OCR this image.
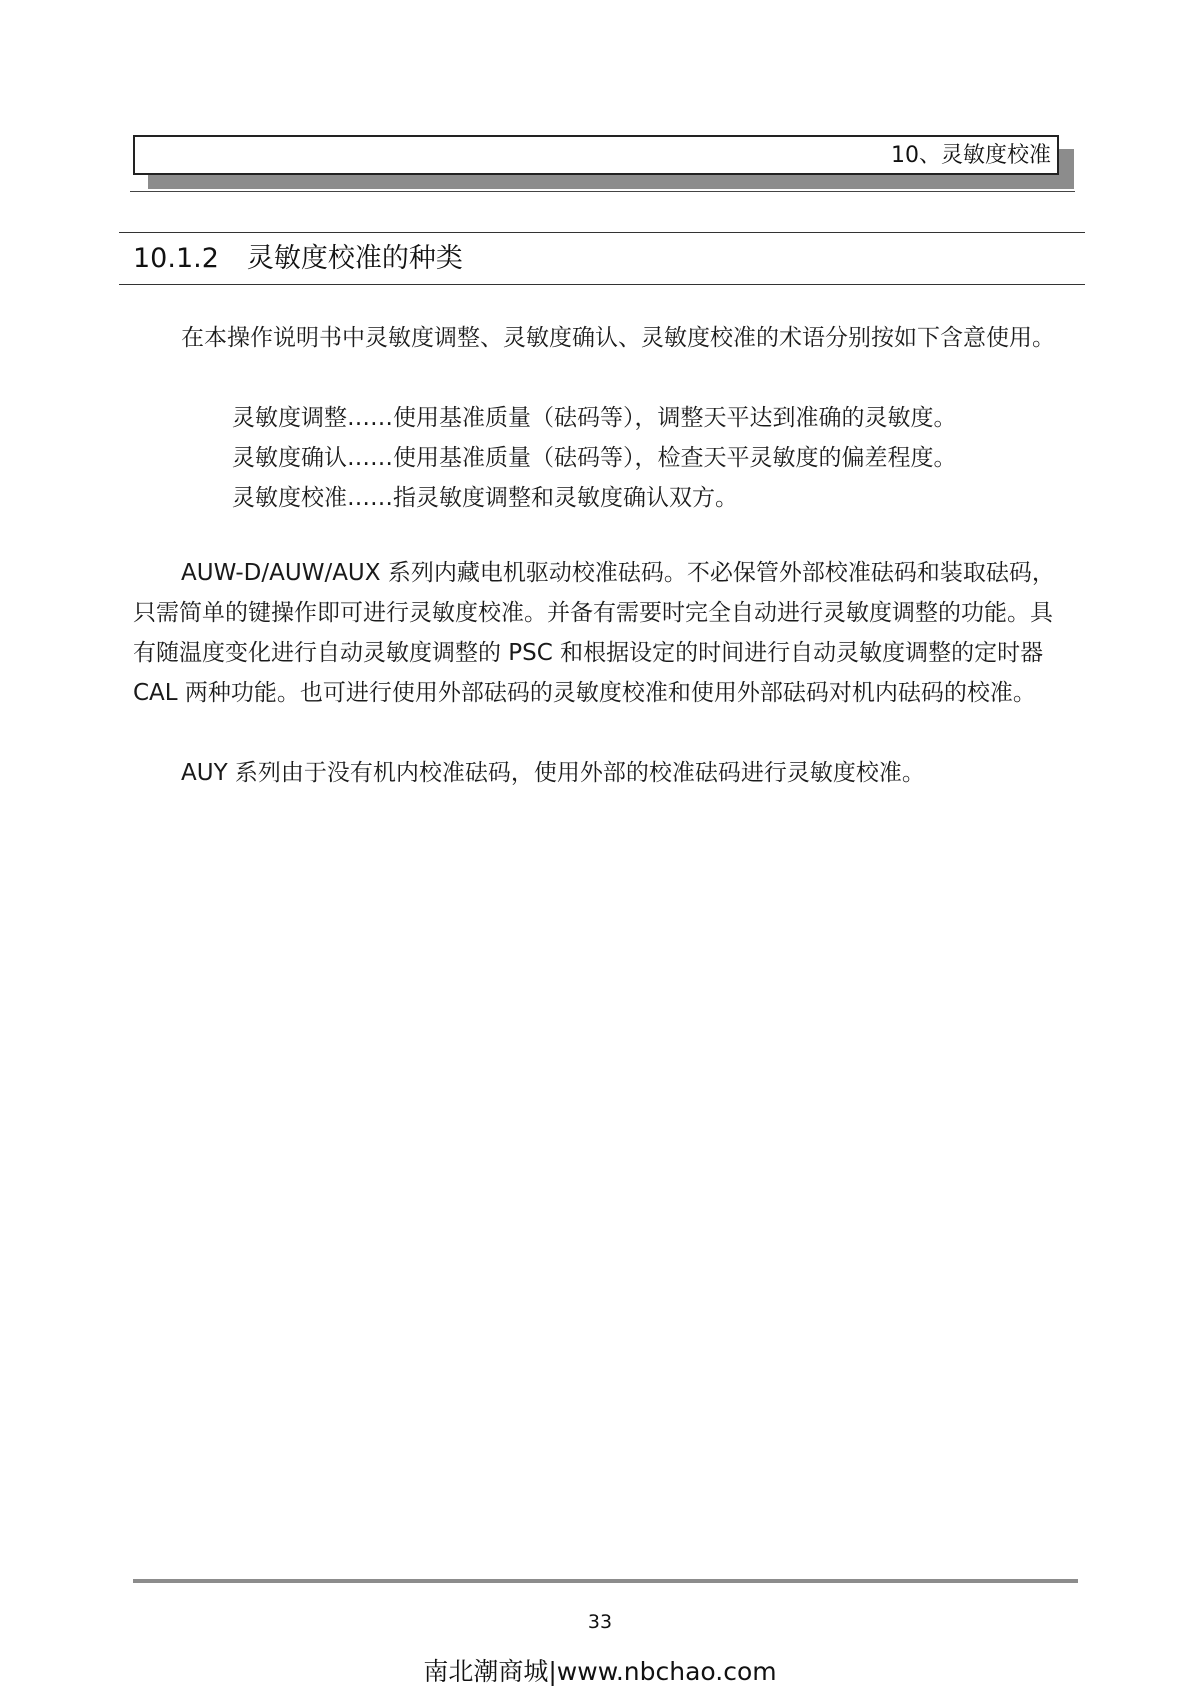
10、灵敏度校准
10.1.2 灵敏度校准的种类
在本操作说明书中灵敏度调整、灵敏度确认、灵敏度校准的术语分别按如下含意使用。
灵敏度调整……使用基准质量（砝码等），调整天平达到准确的灵敏度。
灵敏度确认……使用基准质量（砝码等），检查天平灵敏度的偏差程度。
灵敏度校准……指灵敏度调整和灵敏度确认双方。
AUW-D/AUW/AUX 系列内藏电机驱动校准砝码。不必保管外部校准砝码和装取砝码，只需简单的键操作即可进行灵敏度校准。并备有需要时完全自动进行灵敏度调整的功能。具有随温度变化进行自动灵敏度调整的 PSC 和根据设定的时间进行自动灵敏度调整的定时器 CAL 两种功能。也可进行使用外部砝码的灵敏度校准和使用外部砝码对机内砝码的校准。
AUY 系列由于没有机内校准砝码，使用外部的校准砝码进行灵敏度校准。
33
南北潮商城|www.nbchao.com
